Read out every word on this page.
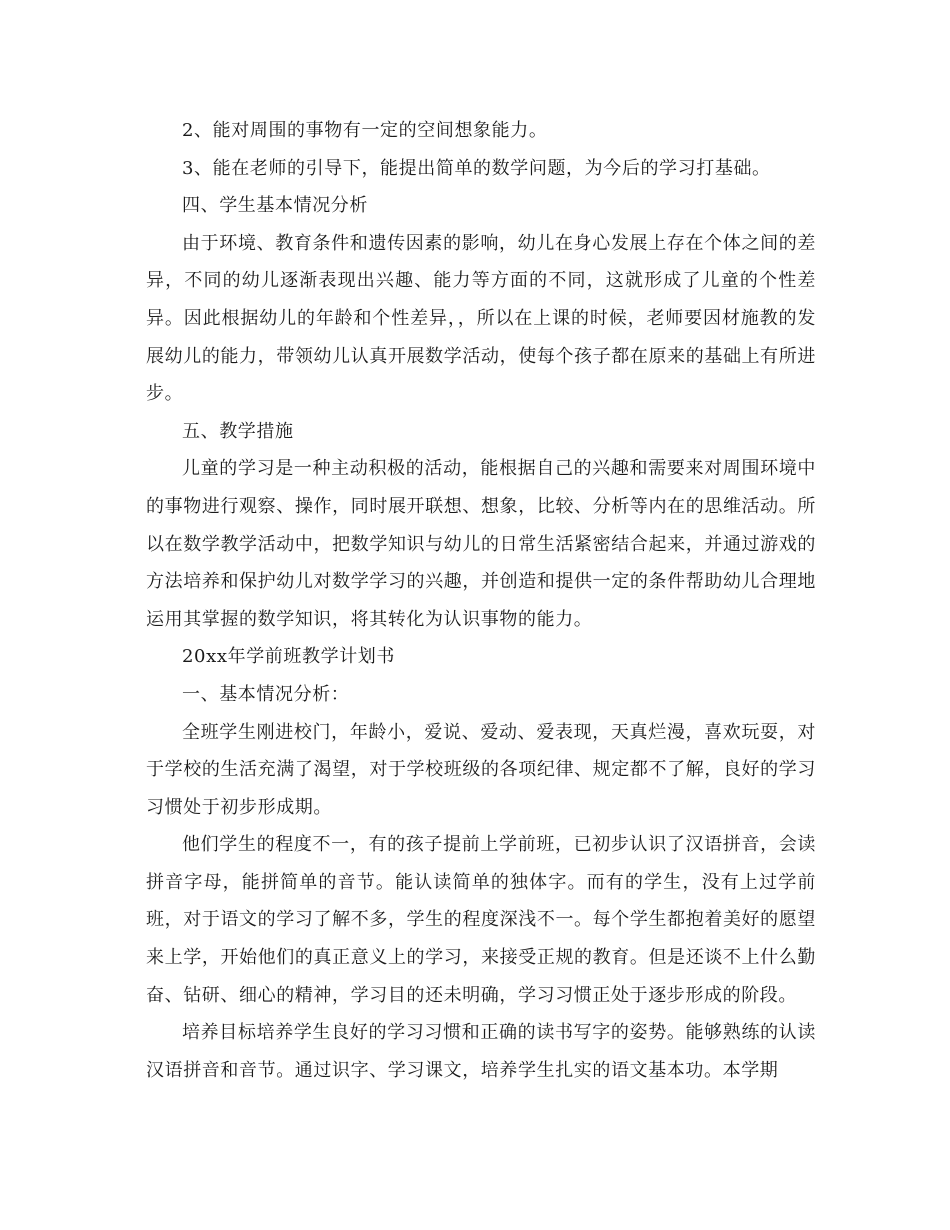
2、能对周围的事物有一定的空间想象能力。

3、能在老师的引导下，能提出简单的数学问题，为今后的学习打基础。

四、学生基本情况分析

由于环境、教育条件和遗传因素的影响，幼儿在身心发展上存在个体之间的差异，不同的幼儿逐渐表现出兴趣、能力等方面的不同，这就形成了儿童的个性差异。因此根据幼儿的年龄和个性差异，，所以在上课的时候，老师要因材施教的发展幼儿的能力，带领幼儿认真开展数学活动，使每个孩子都在原来的基础上有所进步。

五、教学措施

儿童的学习是一种主动积极的活动，能根据自己的兴趣和需要来对周围环境中的事物进行观察、操作，同时展开联想、想象，比较、分析等内在的思维活动。所以在数学教学活动中，把数学知识与幼儿的日常生活紧密结合起来，并通过游戏的方法培养和保护幼儿对数学学习的兴趣，并创造和提供一定的条件帮助幼儿合理地运用其掌握的数学知识，将其转化为认识事物的能力。

20xx年学前班教学计划书

一、基本情况分析：

全班学生刚进校门，年龄小，爱说、爱动、爱表现，天真烂漫，喜欢玩耍，对于学校的生活充满了渴望，对于学校班级的各项纪律、规定都不了解，良好的学习习惯处于初步形成期。

他们学生的程度不一，有的孩子提前上学前班，已初步认识了汉语拼音，会读拼音字母，能拼简单的音节。能认读简单的独体字。而有的学生，没有上过学前班，对于语文的学习了解不多，学生的程度深浅不一。每个学生都抱着美好的愿望来上学，开始他们的真正意义上的学习，来接受正规的教育。但是还谈不上什么勤奋、钻研、细心的精神，学习目的还未明确，学习习惯正处于逐步形成的阶段。

培养目标培养学生良好的学习习惯和正确的读书写字的姿势。能够熟练的认读汉语拼音和音节。通过识字、学习课文，培养学生扎实的语文基本功。本学期
